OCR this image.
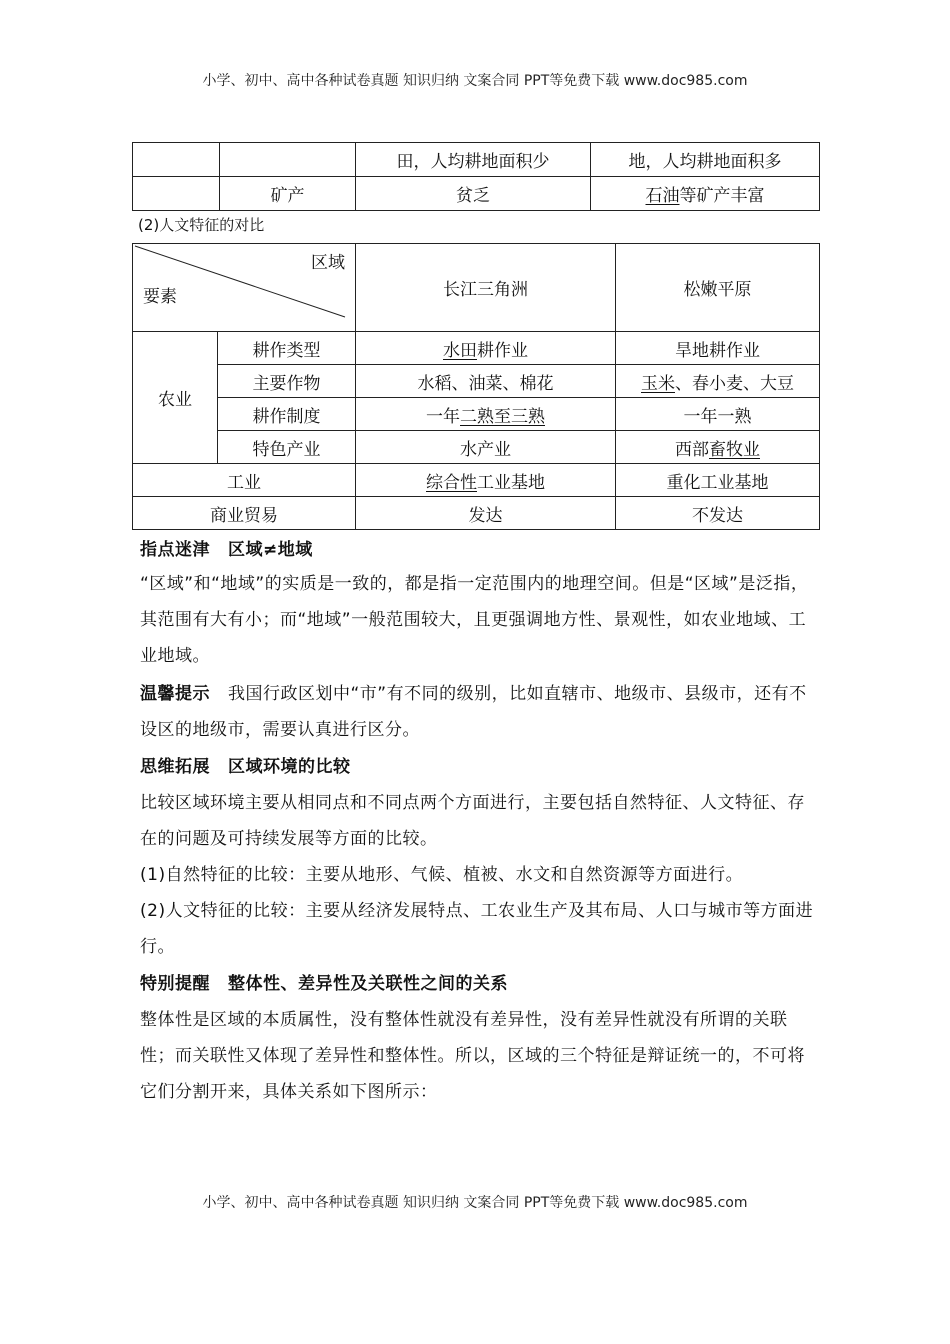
小学、初中、高中各种试卷真题 知识归纳 文案合同 PPT等免费下载 www.doc985.com
		田，人均耕地面积少	地，人均耕地面积多
	矿产	贫乏	石油等矿产丰富
(2)人文特征的对比
区域
要素		长江三角洲	松嫩平原
农业	耕作类型	水田耕作业	旱地耕作业
	主要作物	水稻、油菜、棉花	玉米、春小麦、大豆
	耕作制度	一年二熟至三熟	一年一熟
	特色产业	水产业	西部畜牧业
工业		综合性工业基地	重化工业基地
商业贸易		发达	不发达
指点迷津 区域≠地域
“区域”和“地域”的实质是一致的，都是指一定范围内的地理空间。但是“区域”是泛指，其范围有大有小；而“地域”一般范围较大，且更强调地方性、景观性，如农业地域、工业地域。
温馨提示 我国行政区划中“市”有不同的级别，比如直辖市、地级市、县级市，还有不设区的地级市，需要认真进行区分。
思维拓展 区域环境的比较
比较区域环境主要从相同点和不同点两个方面进行，主要包括自然特征、人文特征、存在的问题及可持续发展等方面的比较。
(1)自然特征的比较：主要从地形、气候、植被、水文和自然资源等方面进行。
(2)人文特征的比较：主要从经济发展特点、工农业生产及其布局、人口与城市等方面进行。
特别提醒 整体性、差异性及关联性之间的关系
整体性是区域的本质属性，没有整体性就没有差异性，没有差异性就没有所谓的关联性；而关联性又体现了差异性和整体性。所以，区域的三个特征是辩证统一的，不可将它们分割开来，具体关系如下图所示：
小学、初中、高中各种试卷真题 知识归纳 文案合同 PPT等免费下载 www.doc985.com
